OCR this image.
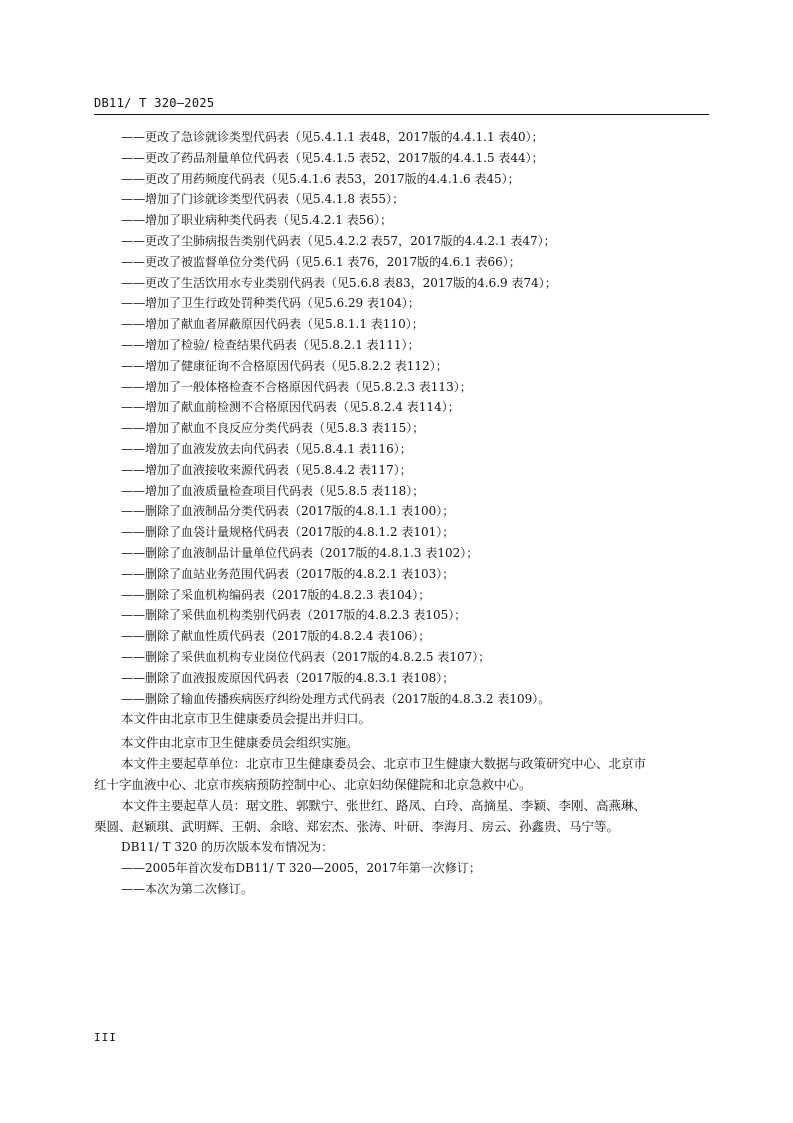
DB11/ T 320—2025
——更改了急诊就诊类型代码表（见5.4.1.1 表48，2017版的4.4.1.1 表40）；
——更改了药品剂量单位代码表（见5.4.1.5 表52，2017版的4.4.1.5 表44）；
——更改了用药频度代码表（见5.4.1.6 表53，2017版的4.4.1.6 表45）；
——增加了门诊就诊类型代码表（见5.4.1.8 表55）；
——增加了职业病种类代码表（见5.4.2.1 表56）；
——更改了尘肺病报告类别代码表（见5.4.2.2 表57，2017版的4.4.2.1 表47）；
——更改了被监督单位分类代码（见5.6.1 表76，2017版的4.6.1 表66）；
——更改了生活饮用水专业类别代码表（见5.6.8 表83，2017版的4.6.9 表74）；
——增加了卫生行政处罚种类代码（见5.6.29 表104）；
——增加了献血者屏蔽原因代码表（见5.8.1.1 表110）；
——增加了检验/ 检查结果代码表（见5.8.2.1 表111）；
——增加了健康征询不合格原因代码表（见5.8.2.2 表112）；
——增加了一般体格检查不合格原因代码表（见5.8.2.3 表113）；
——增加了献血前检测不合格原因代码表（见5.8.2.4 表114）；
——增加了献血不良反应分类代码表（见5.8.3 表115）；
——增加了血液发放去向代码表（见5.8.4.1 表116）；
——增加了血液接收来源代码表（见5.8.4.2 表117）；
——增加了血液质量检查项目代码表（见5.8.5 表118）；
——删除了血液制品分类代码表（2017版的4.8.1.1 表100）；
——删除了血袋计量规格代码表（2017版的4.8.1.2 表101）；
——删除了血液制品计量单位代码表（2017版的4.8.1.3 表102）；
——删除了血站业务范围代码表（2017版的4.8.2.1 表103）；
——删除了采血机构编码表（2017版的4.8.2.3 表104）；
——删除了采供血机构类别代码表（2017版的4.8.2.3 表105）；
——删除了献血性质代码表（2017版的4.8.2.4 表106）；
——删除了采供血机构专业岗位代码表（2017版的4.8.2.5 表107）；
——删除了血液报废原因代码表（2017版的4.8.3.1 表108）；
——删除了输血传播疾病医疗纠纷处理方式代码表（2017版的4.8.3.2 表109）。
本文件由北京市卫生健康委员会提出并归口。
本文件由北京市卫生健康委员会组织实施。
本文件主要起草单位：北京市卫生健康委员会、北京市卫生健康大数据与政策研究中心、北京市
红十字血液中心、北京市疾病预防控制中心、北京妇幼保健院和北京急救中心。
本文件主要起草人员：琚文胜、郭默宁、张世红、路凤、白玲、高摘星、李颖、李刚、高燕琳、
栗圆、赵颖琪、武明辉、王朝、余晗、郑宏杰、张涛、叶研、李海月、房云、孙鑫贵、马宁等。
DB11/ T 320 的历次版本发布情况为：
——2005年首次发布DB11/ T 320—2005，2017年第一次修订；
——本次为第二次修订。
III
